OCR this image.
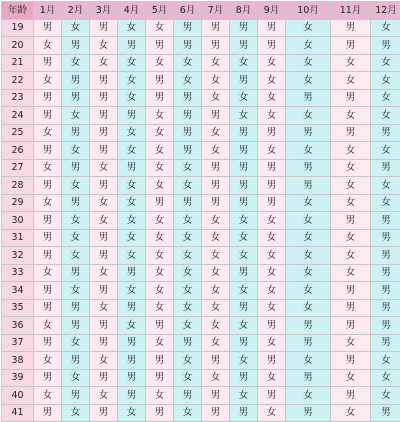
年龄	1月	2月	3月	4月	5月	6月	7月	8月	9月	10月	11月	12月
19	男	女	男	女	女	男	男	男	男	女	男	女
20	女	男	女	男	男	男	男	男	男	女	男	男
21	男	女	女	女	女	女	女	女	女	女	女	女
22	女	男	男	女	男	女	女	男	女	女	女	女
23	男	男	男	女	男	男	女	女	女	男	男	女
24	男	女	男	男	女	男	男	女	女	女	女	女
25	女	男	男	女	女	男	女	男	男	男	男	男
26	男	女	男	女	女	男	女	男	女	女	女	女
27	女	男	女	男	女	女	男	男	男	男	女	男
28	男	女	男	女	女	女	男	男	男	男	女	女
29	女	男	女	女	男	男	男	男	男	女	女	女
30	男	女	女	女	女	女	女	女	女	女	男	男
31	男	女	男	女	女	女	女	女	女	女	女	男
32	男	女	男	女	女	女	女	女	女	女	女	男
33	女	男	女	男	女	女	女	男	女	女	女	男
34	男	女	男	女	女	女	女	女	女	女	男	男
35	男	男	女	男	女	女	女	男	女	女	男	男
36	女	男	男	女	男	女	女	女	男	男	男	男
37	男	女	男	男	女	男	女	男	女	男	女	男
38	女	男	女	男	男	女	男	女	男	女	男	女
39	男	女	男	男	男	女	女	男	女	男	女	女
40	女	男	女	男	女	男	男	女	男	女	男	女
41	男	女	男	女	男	女	男	男	女	男	女	男
